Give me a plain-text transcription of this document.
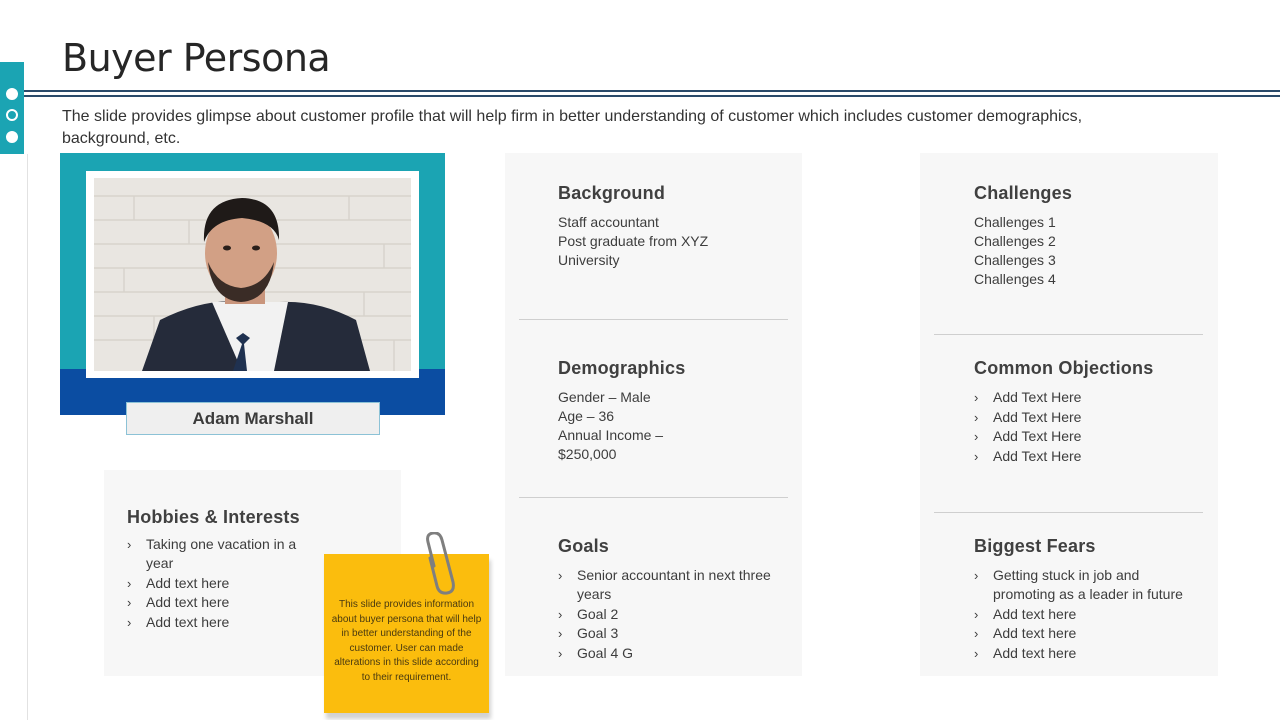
Buyer Persona
The slide provides glimpse about customer profile that will help firm in better understanding of customer which includes customer demographics, background, etc.
Adam Marshall
Hobbies & Interests
› Taking one vacation in a year
› Add text here
› Add text here
› Add text here
Background
Staff accountant
Post graduate from XYZ
University
Demographics
Gender – Male
Age – 36
Annual Income –
$250,000
Goals
› Senior accountant in next three years
› Goal 2
› Goal 3
› Goal 4 G
Challenges
Challenges 1
Challenges 2
Challenges 3
Challenges 4
Common Objections
› Add Text Here
› Add Text Here
› Add Text Here
› Add Text Here
Biggest Fears
› Getting stuck in job and promoting as a leader in future
› Add text here
› Add text here
› Add text here
This slide provides information about buyer persona that will help in better understanding of the customer. User can made alterations in this slide according to their requirement.
